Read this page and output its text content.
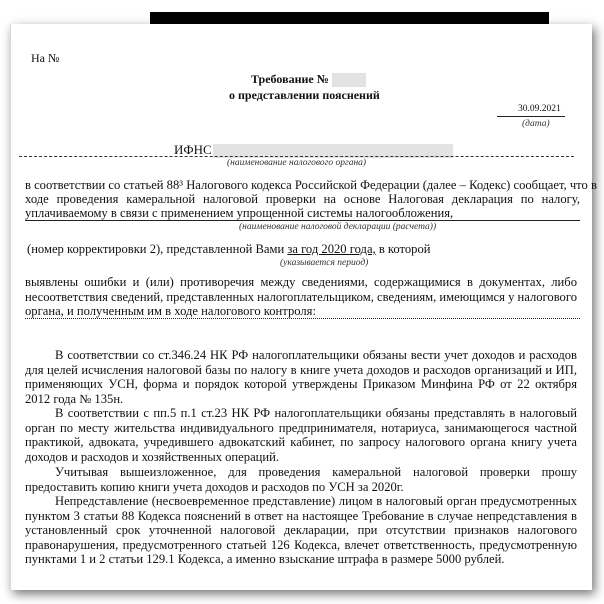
На №
Требование №
о представлении пояснений
30.09.2021
(дата)
ИФНС
(наименование налогового органа)
в соответствии со статьей 88³ Налогового кодекса Российской Федерации (далее – Кодекс) сообщает, что в
ходе проведения камеральной налоговой проверки на основе Налоговая декларация по налогу,
уплачиваемому в связи с применением упрощенной системы налогообложения,
(наименование налоговой декларации (расчета))
(номер корректировки 2), представленной Вами за год 2020 года, в которой
(указывается период)
выявлены ошибки и (или) противоречия между сведениями, содержащимися в документах, либо несоответствия сведений, представленных налогоплательщиком, сведениям, имеющимся у налогового органа, и полученным им в ходе налогового контроля:
В соответствии со ст.346.24 НК РФ налогоплательщики обязаны вести учет доходов и расходов для целей исчисления налоговой базы по налогу в книге учета доходов и расходов организаций и ИП, применяющих УСН, форма и порядок которой утверждены Приказом Минфина РФ от 22 октября 2012 года № 135н.
В соответствии с пп.5 п.1 ст.23 НК РФ налогоплательщики обязаны представлять в налоговый орган по месту жительства индивидуального предпринимателя, нотариуса, занимающегося частной практикой, адвоката, учредившего адвокатский кабинет, по запросу налогового органа книгу учета доходов и расходов и хозяйственных операций.
Учитывая вышеизложенное, для проведения камеральной налоговой проверки прошу предоставить копию книги учета доходов и расходов по УСН за 2020г.
Непредставление (несвоевременное представление) лицом в налоговый орган предусмотренных пунктом 3 статьи 88 Кодекса пояснений в ответ на настоящее Требование в случае непредставления в установленный срок уточненной налоговой декларации, при отсутствии признаков налогового правонарушения, предусмотренного статьей 126 Кодекса, влечет ответственность, предусмотренную пунктами 1 и 2 статьи 129.1 Кодекса, а именно взыскание штрафа в размере 5000 рублей.
